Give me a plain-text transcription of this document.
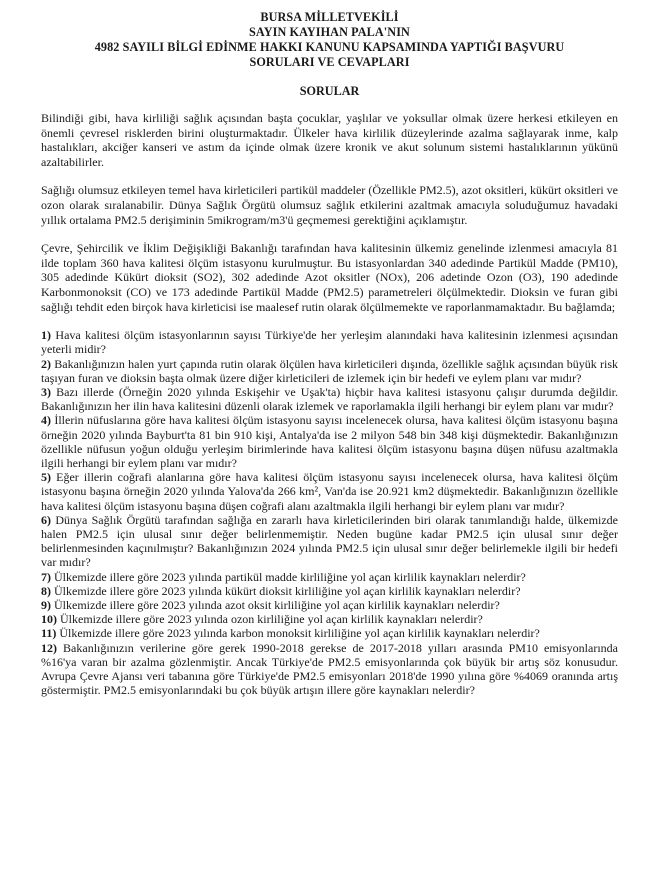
BURSA MİLLETVEKİLİ
SAYIN KAYIHAN PALA'NIN
4982 SAYILI BİLGİ EDİNME HAKKI KANUNU KAPSAMINDA YAPTIĞI BAŞVURU
SORULARI VE CEVAPLARI
SORULAR

Bilindiği gibi, hava kirliliği sağlık açısından başta çocuklar, yaşlılar ve yoksullar olmak üzere herkesi etkileyen en önemli çevresel risklerden birini oluşturmaktadır. Ülkeler hava kirlilik düzeylerinde azalma sağlayarak inme, kalp hastalıkları, akciğer kanseri ve astım da içinde olmak üzere kronik ve akut solunum sistemi hastalıklarının yükünü azaltabilirler.

Sağlığı olumsuz etkileyen temel hava kirleticileri partikül maddeler (Özellikle PM2.5), azot oksitleri, kükürt oksitleri ve ozon olarak sıralanabilir. Dünya Sağlık Örgütü olumsuz sağlık etkilerini azaltmak amacıyla soluduğumuz havadaki yıllık ortalama PM2.5 derişiminin 5mikrogram/m3'ü geçmemesi gerektiğini açıklamıştır.

Çevre, Şehircilik ve İklim Değişikliği Bakanlığı tarafından hava kalitesinin ülkemiz genelinde izlenmesi amacıyla 81 ilde toplam 360 hava kalitesi ölçüm istasyonu kurulmuştur. Bu istasyonlardan 340 adedinde Partikül Madde (PM10), 305 adedinde Kükürt dioksit (SO2), 302 adedinde Azot oksitler (NOx), 206 adetinde Ozon (O3), 190 adedinde Karbonmonoksit (CO) ve 173 adedinde Partikül Madde (PM2.5) parametreleri ölçülmektedir. Dioksin ve furan gibi sağlığı tehdit eden birçok hava kirleticisi ise maalesef rutin olarak ölçülmemekte ve raporlanmamaktadır. Bu bağlamda;

1) Hava kalitesi ölçüm istasyonlarının sayısı Türkiye'de her yerleşim alanındaki hava kalitesinin izlenmesi açısından yeterli midir?

2) Bakanlığınızın halen yurt çapında rutin olarak ölçülen hava kirleticileri dışında, özellikle sağlık açısından büyük risk taşıyan furan ve dioksin başta olmak üzere diğer kirleticileri de izlemek için bir hedefi ve eylem planı var mıdır?

3) Bazı illerde (Örneğin 2020 yılında Eskişehir ve Uşak'ta) hiçbir hava kalitesi istasyonu çalışır durumda değildir. Bakanlığınızın her ilin hava kalitesini düzenli olarak izlemek ve raporlamakla ilgili herhangi bir eylem planı var mıdır?

4) İllerin nüfuslarına göre hava kalitesi ölçüm istasyonu sayısı incelenecek olursa, hava kalitesi ölçüm istasyonu başına örneğin 2020 yılında Bayburt'ta 81 bin 910 kişi, Antalya'da ise 2 milyon 548 bin 348 kişi düşmektedir. Bakanlığınızın özellikle nüfusun yoğun olduğu yerleşim birimlerinde hava kalitesi ölçüm istasyonu başına düşen nüfusu azaltmakla ilgili herhangi bir eylem planı var mıdır?

5) Eğer illerin coğrafi alanlarına göre hava kalitesi ölçüm istasyonu sayısı incelenecek olursa, hava kalitesi ölçüm istasyonu başına örneğin 2020 yılında Yalova'da 266 km², Van'da ise 20.921 km2 düşmektedir. Bakanlığınızın özellikle hava kalitesi ölçüm istasyonu başına düşen coğrafi alanı azaltmakla ilgili herhangi bir eylem planı var mıdır?

6) Dünya Sağlık Örgütü tarafından sağlığa en zararlı hava kirleticilerinden biri olarak tanımlandığı halde, ülkemizde halen PM2.5 için ulusal sınır değer belirlenmemiştir. Neden bugüne kadar PM2.5 için ulusal sınır değer belirlenmesinden kaçınılmıştır? Bakanlığınızın 2024 yılında PM2.5 için ulusal sınır değer belirlemekle ilgili bir hedefi var mıdır?

7) Ülkemizde illere göre 2023 yılında partikül madde kirliliğine yol açan kirlilik kaynakları nelerdir?

8) Ülkemizde illere göre 2023 yılında kükürt dioksit kirliliğine yol açan kirlilik kaynakları nelerdir?

9) Ülkemizde illere göre 2023 yılında azot oksit kirliliğine yol açan kirlilik kaynakları nelerdir?

10) Ülkemizde illere göre 2023 yılında ozon kirliliğine yol açan kirlilik kaynakları nelerdir?

11) Ülkemizde illere göre 2023 yılında karbon monoksit kirliliğine yol açan kirlilik kaynakları nelerdir?

12) Bakanlığınızın verilerine göre gerek 1990-2018 gerekse de 2017-2018 yılları arasında PM10 emisyonlarında %16'ya varan bir azalma gözlenmiştir. Ancak Türkiye'de PM2.5 emisyonlarında çok büyük bir artış söz konusudur. Avrupa Çevre Ajansı veri tabanına göre Türkiye'de PM2.5 emisyonları 2018'de 1990 yılına göre %4069 oranında artış göstermiştir. PM2.5 emisyonlarındaki bu çok büyük artışın illere göre kaynakları nelerdir?
